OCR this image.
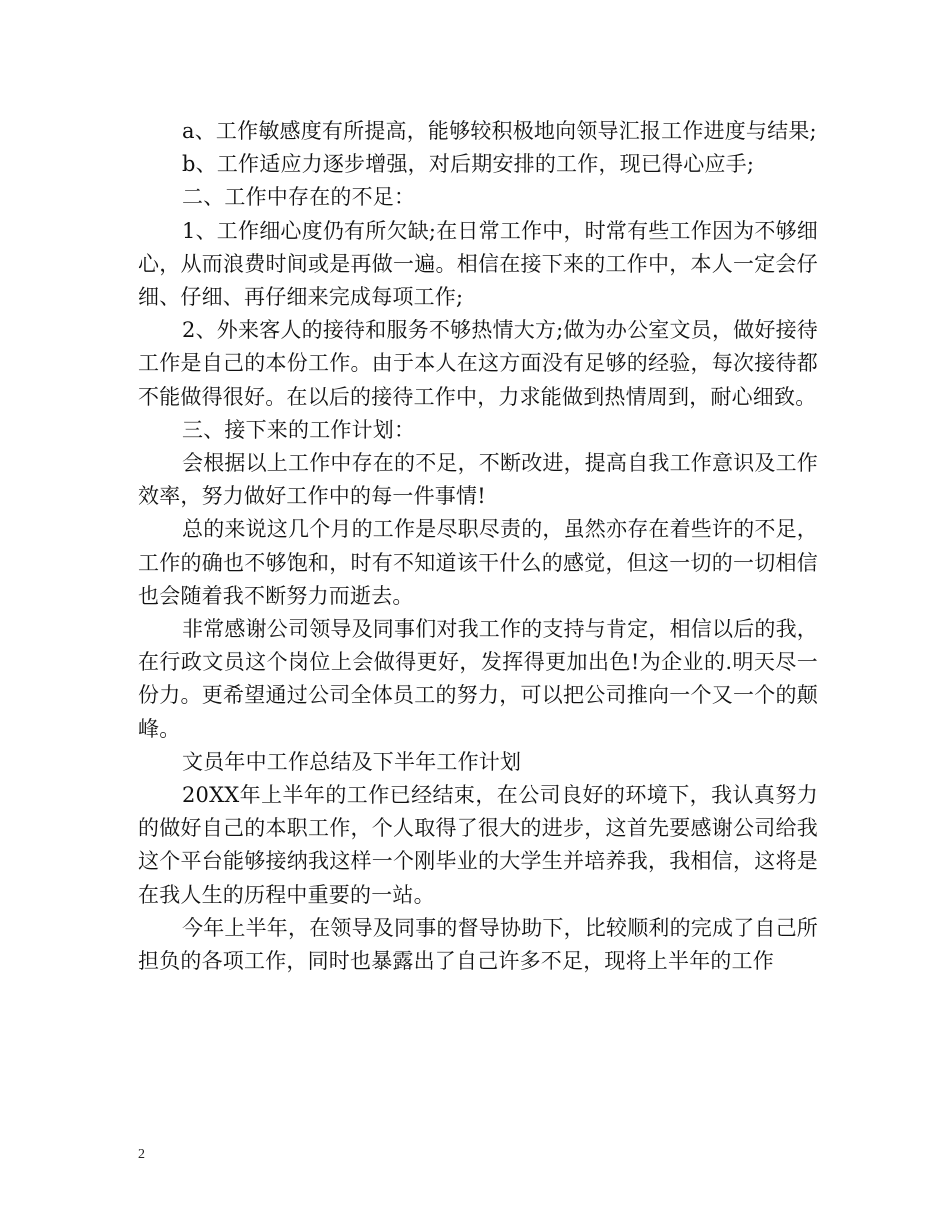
a、工作敏感度有所提高，能够较积极地向领导汇报工作进度与结果;

b、工作适应力逐步增强，对后期安排的工作，现已得心应手;

二、工作中存在的不足：

1、工作细心度仍有所欠缺;在日常工作中，时常有些工作因为不够细心，从而浪费时间或是再做一遍。相信在接下来的工作中，本人一定会仔细、仔细、再仔细来完成每项工作;

2、外来客人的接待和服务不够热情大方;做为办公室文员，做好接待工作是自己的本份工作。由于本人在这方面没有足够的经验，每次接待都不能做得很好。在以后的接待工作中，力求能做到热情周到，耐心细致。

三、接下来的工作计划：

会根据以上工作中存在的不足，不断改进，提高自我工作意识及工作效率，努力做好工作中的每一件事情!

总的来说这几个月的工作是尽职尽责的，虽然亦存在着些许的不足，工作的确也不够饱和，时有不知道该干什么的感觉，但这一切的一切相信也会随着我不断努力而逝去。

非常感谢公司领导及同事们对我工作的支持与肯定，相信以后的我，在行政文员这个岗位上会做得更好，发挥得更加出色!为企业的.明天尽一份力。更希望通过公司全体员工的努力，可以把公司推向一个又一个的颠峰。

文员年中工作总结及下半年工作计划

20XX年上半年的工作已经结束，在公司良好的环境下，我认真努力的做好自己的本职工作，个人取得了很大的进步，这首先要感谢公司给我这个平台能够接纳我这样一个刚毕业的大学生并培养我，我相信，这将是在我人生的历程中重要的一站。

今年上半年，在领导及同事的督导协助下，比较顺利的完成了自己所担负的各项工作，同时也暴露出了自己许多不足，现将上半年的工作

2
